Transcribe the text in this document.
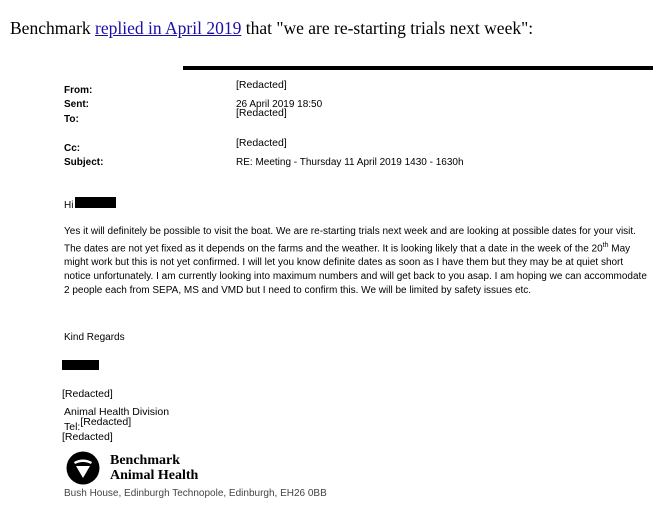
Benchmark replied in April 2019 that "we are re-starting trials next week":
From:	[Redacted]
Sent:	26 April 2019 18:50
To:
[Redacted]
Cc:	[Redacted]
Subject:	RE: Meeting - Thursday 11 April 2019 1430 - 1630h
Hi
Yes it will definitely be possible to visit the boat. We are re-starting trials next week and are looking at possible dates for your visit. The dates are not yet fixed as it depends on the farms and the weather. It is looking likely that a date in the week of the 20th May might work but this is not yet confirmed. I will let you know definite dates as soon as I have them but they may be at quiet short notice unfortunately. I am currently looking into maximum numbers and will get back to you asap. I am hoping we can accommodate 2 people each from SEPA, MS and VMD but I need to confirm this. We will be limited by safety issues etc.
Kind Regards
[Redacted]
Animal Health Division
Tel:[Redacted]
[Redacted]
Benchmark
Animal Health
Bush House, Edinburgh Technopole, Edinburgh, EH26 0BB
